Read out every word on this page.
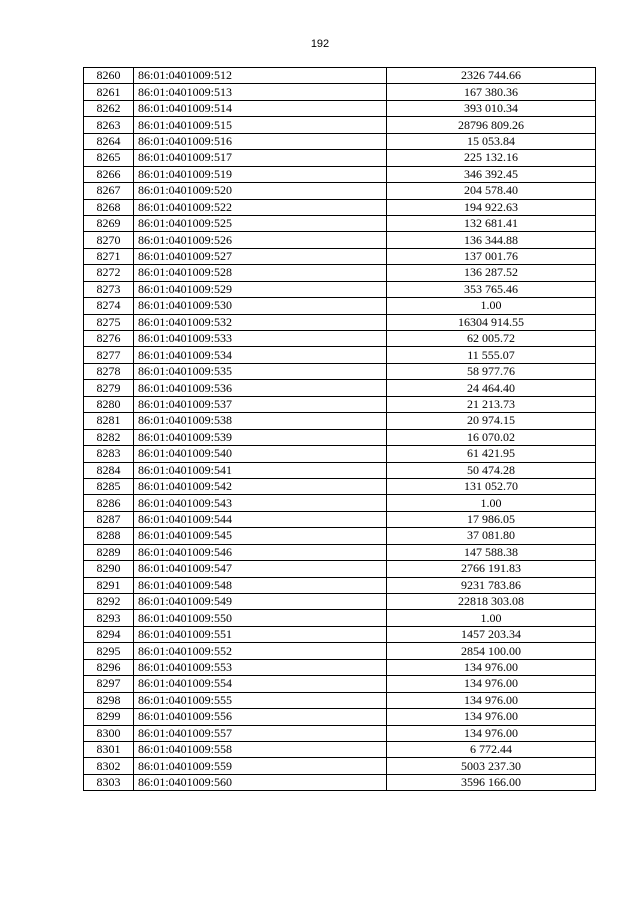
192
8260	86:01:0401009:512	2326 744.66
8261	86:01:0401009:513	167 380.36
8262	86:01:0401009:514	393 010.34
8263	86:01:0401009:515	28796 809.26
8264	86:01:0401009:516	15 053.84
8265	86:01:0401009:517	225 132.16
8266	86:01:0401009:519	346 392.45
8267	86:01:0401009:520	204 578.40
8268	86:01:0401009:522	194 922.63
8269	86:01:0401009:525	132 681.41
8270	86:01:0401009:526	136 344.88
8271	86:01:0401009:527	137 001.76
8272	86:01:0401009:528	136 287.52
8273	86:01:0401009:529	353 765.46
8274	86:01:0401009:530	1.00
8275	86:01:0401009:532	16304 914.55
8276	86:01:0401009:533	62 005.72
8277	86:01:0401009:534	11 555.07
8278	86:01:0401009:535	58 977.76
8279	86:01:0401009:536	24 464.40
8280	86:01:0401009:537	21 213.73
8281	86:01:0401009:538	20 974.15
8282	86:01:0401009:539	16 070.02
8283	86:01:0401009:540	61 421.95
8284	86:01:0401009:541	50 474.28
8285	86:01:0401009:542	131 052.70
8286	86:01:0401009:543	1.00
8287	86:01:0401009:544	17 986.05
8288	86:01:0401009:545	37 081.80
8289	86:01:0401009:546	147 588.38
8290	86:01:0401009:547	2766 191.83
8291	86:01:0401009:548	9231 783.86
8292	86:01:0401009:549	22818 303.08
8293	86:01:0401009:550	1.00
8294	86:01:0401009:551	1457 203.34
8295	86:01:0401009:552	2854 100.00
8296	86:01:0401009:553	134 976.00
8297	86:01:0401009:554	134 976.00
8298	86:01:0401009:555	134 976.00
8299	86:01:0401009:556	134 976.00
8300	86:01:0401009:557	134 976.00
8301	86:01:0401009:558	6 772.44
8302	86:01:0401009:559	5003 237.30
8303	86:01:0401009:560	3596 166.00
